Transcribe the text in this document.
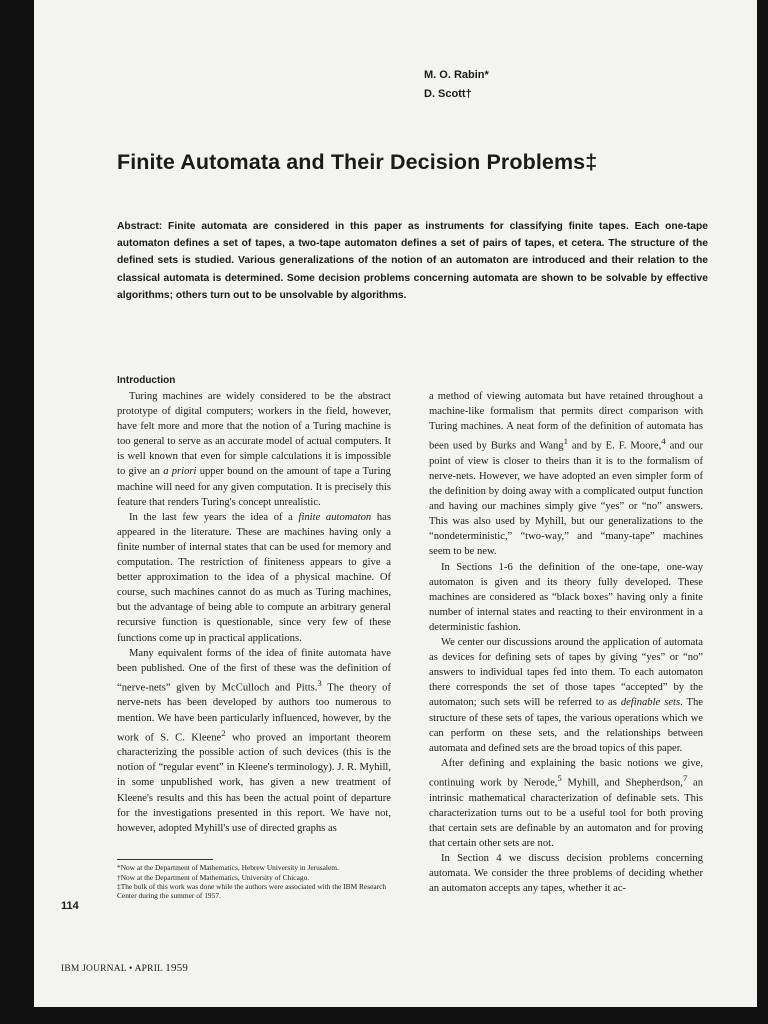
M. O. Rabin*
D. Scott†
Finite Automata and Their Decision Problems‡

Abstract: Finite automata are considered in this paper as instruments for classifying finite tapes. Each one-tape automaton defines a set of tapes, a two-tape automaton defines a set of pairs of tapes, et cetera. The structure of the defined sets is studied. Various generalizations of the notion of an automaton are introduced and their relation to the classical automata is determined. Some decision problems concerning automata are shown to be solvable by effective algorithms; others turn out to be unsolvable by algorithms.

Introduction

Turing machines are widely considered to be the abstract prototype of digital computers; workers in the field, however, have felt more and more that the notion of a Turing machine is too general to serve as an accurate model of actual computers. It is well known that even for simple calculations it is impossible to give an a priori upper bound on the amount of tape a Turing machine will need for any given computation. It is precisely this feature that renders Turing's concept unrealistic.

In the last few years the idea of a finite automaton has appeared in the literature. These are machines having only a finite number of internal states that can be used for memory and computation. The restriction of finiteness appears to give a better approximation to the idea of a physical machine. Of course, such machines cannot do as much as Turing machines, but the advantage of being able to compute an arbitrary general recursive function is questionable, since very few of these functions come up in practical applications.

Many equivalent forms of the idea of finite automata have been published. One of the first of these was the definition of “nerve-nets” given by McCulloch and Pitts.$^3$ The theory of nerve-nets has been developed by authors too numerous to mention. We have been particularly influenced, however, by the work of S. C. Kleene$^2$ who proved an important theorem characterizing the possible action of such devices (this is the notion of “regular event” in Kleene's terminology). J. R. Myhill, in some unpublished work, has given a new treatment of Kleene's results and this has been the actual point of departure for the investigations presented in this report. We have not, however, adopted Myhill's use of directed graphs as

*Now at the Department of Mathematics, Hebrew University in Jerusalem.
†Now at the Department of Mathematics, University of Chicago.
‡The bulk of this work was done while the authors were associated with the IBM Research Center during the summer of 1957.

a method of viewing automata but have retained throughout a machine-like formalism that permits direct comparison with Turing machines. A neat form of the definition of automata has been used by Burks and Wang$^1$ and by E. F. Moore,$^4$ and our point of view is closer to theirs than it is to the formalism of nerve-nets. However, we have adopted an even simpler form of the definition by doing away with a complicated output function and having our machines simply give “yes” or “no” answers. This was also used by Myhill, but our generalizations to the “nondeterministic,” “two-way,” and “many-tape” machines seem to be new.

In Sections 1-6 the definition of the one-tape, one-way automaton is given and its theory fully developed. These machines are considered as “black boxes” having only a finite number of internal states and reacting to their environment in a deterministic fashion.

We center our discussions around the application of automata as devices for defining sets of tapes by giving “yes” or “no” answers to individual tapes fed into them. To each automaton there corresponds the set of those tapes “accepted” by the automaton; such sets will be referred to as definable sets. The structure of these sets of tapes, the various operations which we can perform on these sets, and the relationships between automata and defined sets are the broad topics of this paper.

After defining and explaining the basic notions we give, continuing work by Nerode,$^5$ Myhill, and Shepherdson,$^7$ an intrinsic mathematical characterization of definable sets. This characterization turns out to be a useful tool for both proving that certain sets are definable by an automaton and for proving that certain other sets are not.

In Section 4 we discuss decision problems concerning automata. We consider the three problems of deciding whether an automaton accepts any tapes, whether it ac-

114
IBM JOURNAL • APRIL 1959
